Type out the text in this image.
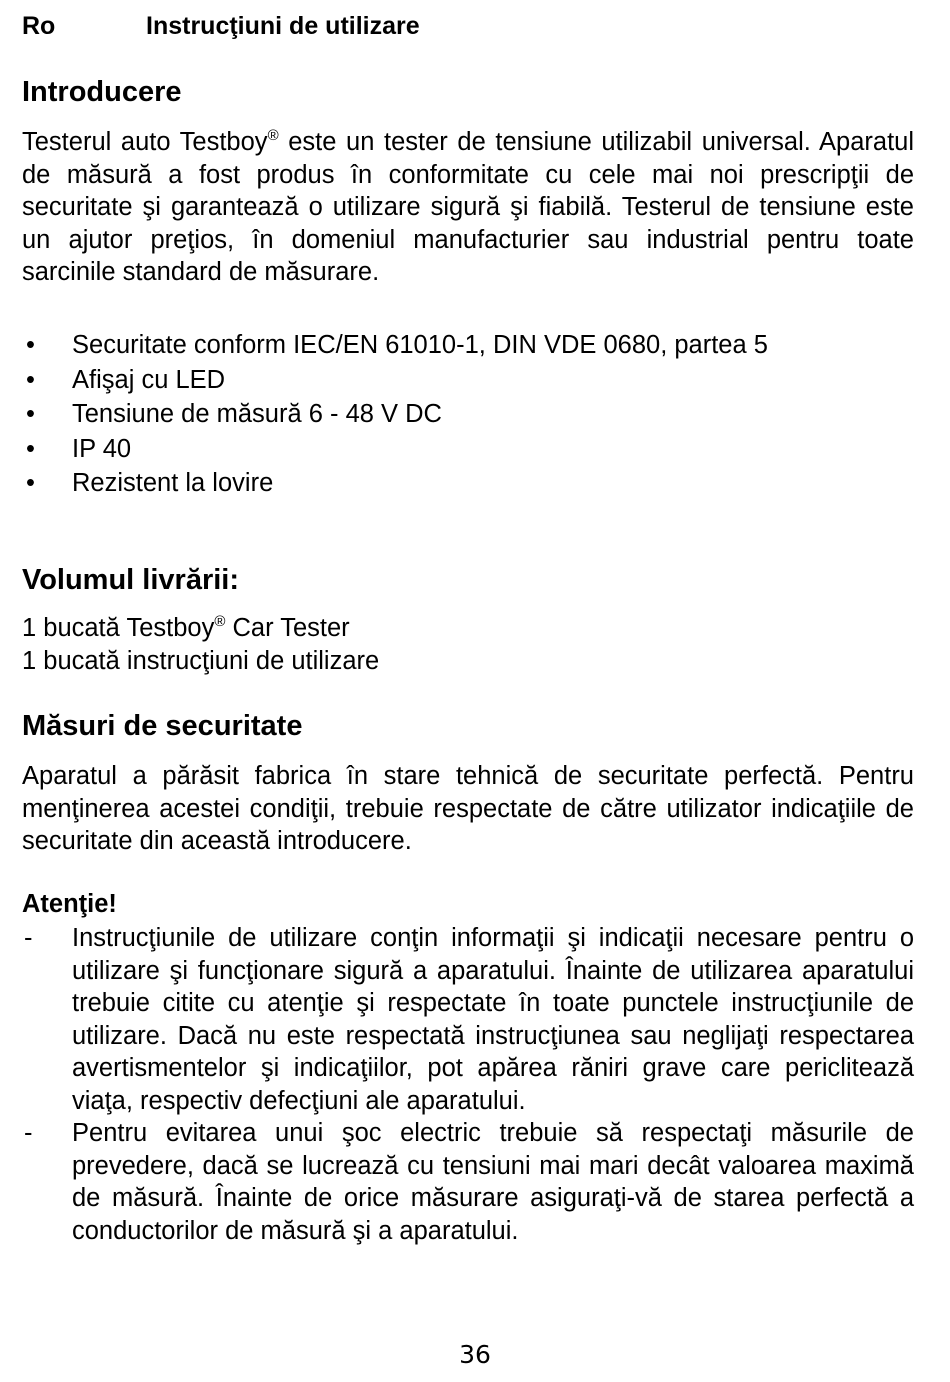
Ro	Instrucţiuni de utilizare
Introducere

Testerul auto Testboy® este un tester de tensiune utilizabil universal. Aparatul de măsură a fost produs în conformitate cu cele mai noi prescripţii de securitate şi garantează o utilizare sigură şi fiabilă. Testerul de tensiune este un ajutor preţios, în domeniul manufacturier sau industrial pentru toate sarcinile standard de măsurare.

• Securitate conform IEC/EN 61010-1, DIN VDE 0680, partea 5
• Afişaj cu LED
• Tensiune de măsură 6 - 48 V DC
• IP 40
• Rezistent la lovire
Volumul livrării:
1 bucată Testboy® Car Tester
1 bucată instrucţiuni de utilizare
Măsuri de securitate

Aparatul a părăsit fabrica în stare tehnică de securitate perfectă. Pentru menţinerea acestei condiţii, trebuie respectate de către utilizator indicaţiile de securitate din această introducere.

Atenţie!
- Instrucţiunile de utilizare conţin informaţii şi indicaţii necesare pentru o utilizare şi funcţionare sigură a aparatului. Înainte de utilizarea aparatului trebuie citite cu atenţie şi respectate în toate punctele instrucţiunile de utilizare. Dacă nu este respectată instrucţiunea sau neglijaţi respectarea avertismentelor şi indicaţiilor, pot apărea răniri grave care periclitează viaţa, respectiv defecţiuni ale aparatului.
- Pentru evitarea unui şoc electric trebuie să respectaţi măsurile de prevedere, dacă se lucrează cu tensiuni mai mari decât valoarea maximă de măsură. Înainte de orice măsurare asiguraţi-vă de starea perfectă a conductorilor de măsură şi a aparatului.
36
